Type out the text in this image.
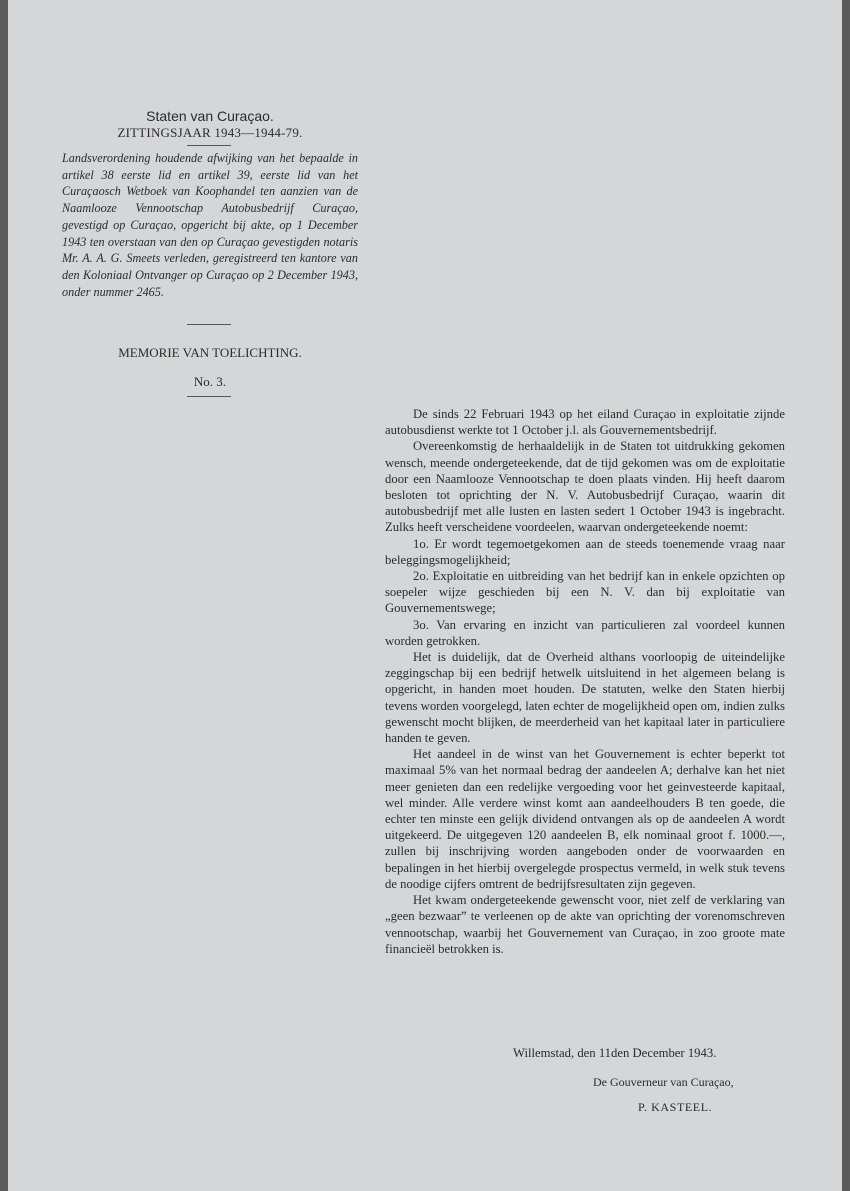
Staten van Curaçao.
ZITTINGSJAAR 1943—1944-79.
Landsverordening houdende afwijking van het bepaalde in artikel 38 eerste lid en artikel 39, eerste lid van het Curaçaosch Wetboek van Koophandel ten aanzien van de Naamlooze Vennootschap Autobusbedrijf Curaçao, gevestigd op Curaçao, opgericht bij akte, op 1 December 1943 ten overstaan van den op Curaçao gevestigden notaris Mr. A. A. G. Smeets verleden, geregistreerd ten kantore van den Koloniaal Ontvanger op Curaçao op 2 December 1943, onder nummer 2465.
MEMORIE VAN TOELICHTING.
No. 3.

De sinds 22 Februari 1943 op het eiland Curaçao in exploitatie zijnde autobusdienst werkte tot 1 October j.l. als Gouvernementsbedrijf.

Overeenkomstig de herhaaldelijk in de Staten tot uitdrukking gekomen wensch, meende ondergeteekende, dat de tijd gekomen was om de exploitatie door een Naamlooze Vennootschap te doen plaats vinden. Hij heeft daarom besloten tot oprichting der N. V. Autobusbedrijf Curaçao, waarin dit autobusbedrijf met alle lusten en lasten sedert 1 October 1943 is ingebracht. Zulks heeft verscheidene voordeelen, waarvan ondergeteekende noemt:

1o. Er wordt tegemoetgekomen aan de steeds toenemende vraag naar beleggingsmogelijkheid;

2o. Exploitatie en uitbreiding van het bedrijf kan in enkele opzichten op soepeler wijze geschieden bij een N. V. dan bij exploitatie van Gouvernementswege;

3o. Van ervaring en inzicht van particulieren zal voordeel kunnen worden getrokken.

Het is duidelijk, dat de Overheid althans voorloopig de uiteindelijke zeggingschap bij een bedrijf hetwelk uitsluitend in het algemeen belang is opgericht, in handen moet houden. De statuten, welke den Staten hierbij tevens worden voorgelegd, laten echter de mogelijkheid open om, indien zulks gewenscht mocht blijken, de meerderheid van het kapitaal later in particuliere handen te geven.

Het aandeel in de winst van het Gouvernement is echter beperkt tot maximaal 5% van het normaal bedrag der aandeelen A; derhalve kan het niet meer genieten dan een redelijke vergoeding voor het geinvesteerde kapitaal, wel minder. Alle verdere winst komt aan aandeelhouders B ten goede, die echter ten minste een gelijk dividend ontvangen als op de aandeelen A wordt uitgekeerd. De uitgegeven 120 aandeelen B, elk nominaal groot f. 1000.—, zullen bij inschrijving worden aangeboden onder de voorwaarden en bepalingen in het hierbij overgelegde prospectus vermeld, in welk stuk tevens de noodige cijfers omtrent de bedrijfsresultaten zijn gegeven.

Het kwam ondergeteekende gewenscht voor, niet zelf de verklaring van „geen bezwaar” te verleenen op de akte van oprichting der vorenomschreven vennootschap, waarbij het Gouvernement van Curaçao, in zoo groote mate financieël betrokken is.

Willemstad, den 11den December 1943.
De Gouverneur van Curaçao,
P. KASTEEL.
